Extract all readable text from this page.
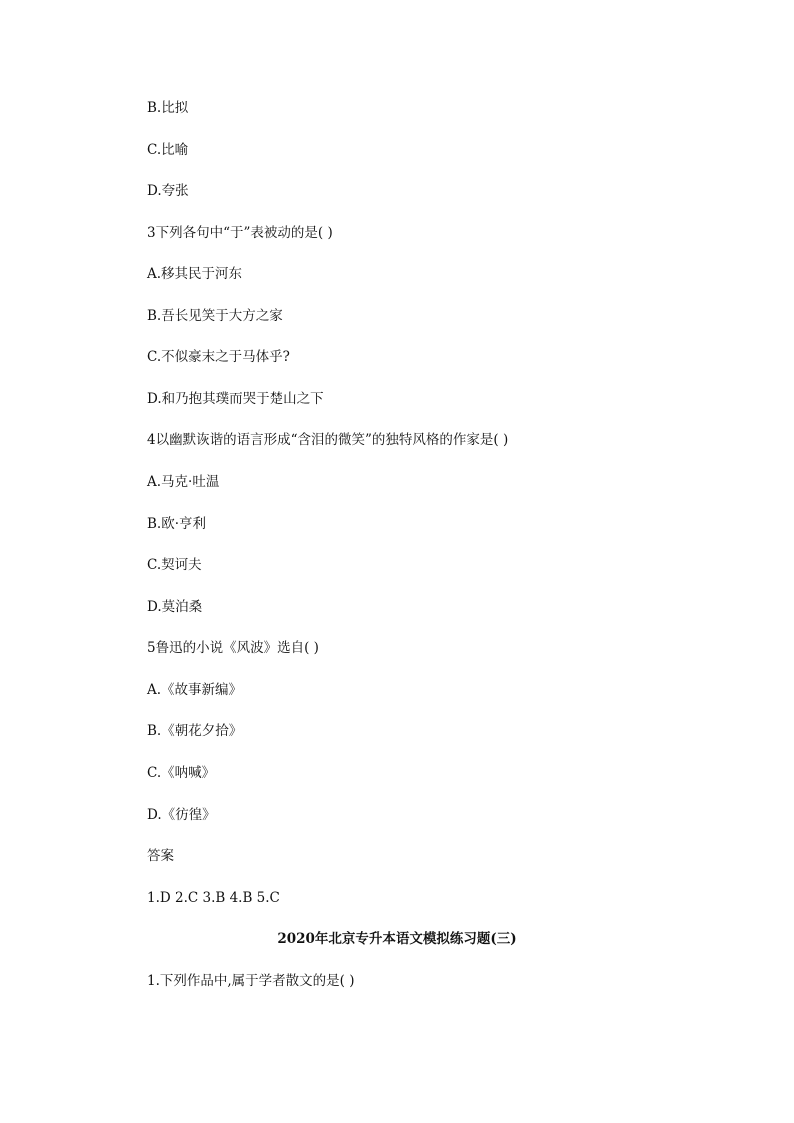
B.比拟
C.比喻
D.夸张
3下列各句中“于”表被动的是( )
A.移其民于河东
B.吾长见笑于大方之家
C.不似豪末之于马体乎?
D.和乃抱其璞而哭于楚山之下
4以幽默诙谐的语言形成“含泪的微笑”的独特风格的作家是( )
A.马克·吐温
B.欧·亨利
C.契诃夫
D.莫泊桑
5鲁迅的小说《风波》选自( )
A.《故事新编》
B.《朝花夕拾》
C.《呐喊》
D.《彷徨》
答案
1.D 2.C 3.B 4.B 5.C
2020年北京专升本语文模拟练习题(三)
1.下列作品中,属于学者散文的是( )
